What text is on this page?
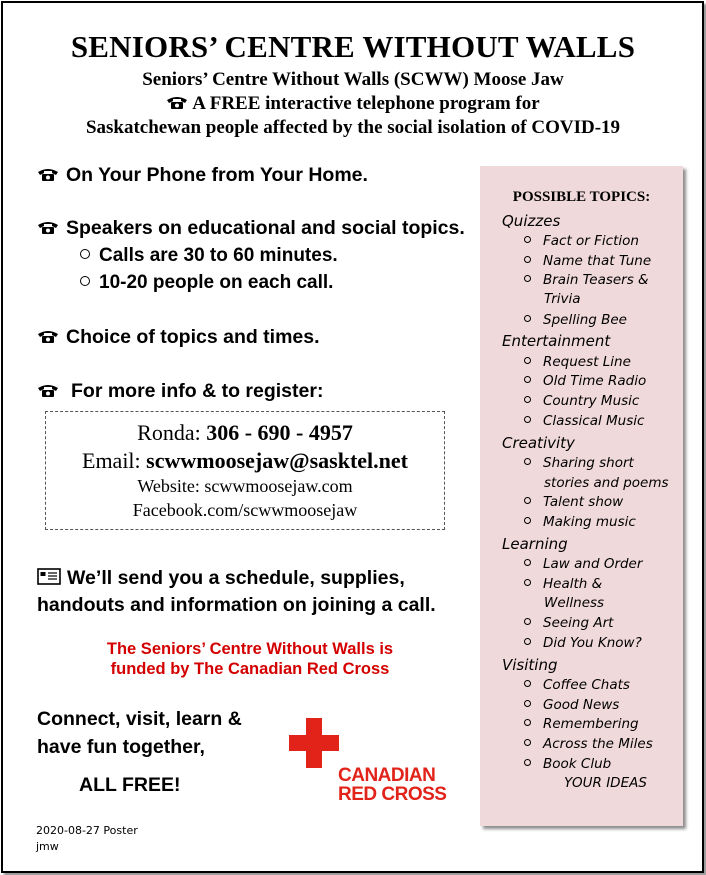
SENIORS’ CENTRE WITHOUT WALLS
Seniors’ Centre Without Walls (SCWW) Moose Jaw
A FREE interactive telephone program for
Saskatchewan people affected by the social isolation of COVID-19
On Your Phone from Your Home.
Speakers on educational and social topics.
Calls are 30 to 60 minutes.
10-20 people on each call.
Choice of topics and times.
For more info & to register:
Ronda: 306 - 690 - 4957
Email: scwwmoosejaw@sasktel.net
Website: scwwmoosejaw.com
Facebook.com/scwwmoosejaw
We’ll send you a schedule, supplies,
handouts and information on joining a call.
The Seniors’ Centre Without Walls is
funded by The Canadian Red Cross
Connect, visit, learn &
have fun together,
ALL FREE!	CANADIAN
RED CROSS
2020-08-27 Poster
jmw
POSSIBLE TOPICS:
Quizzes
Fact or Fiction
Name that Tune
Brain Teasers &
Trivia
Spelling Bee
Entertainment
Request Line
Old Time Radio
Country Music
Classical Music
Creativity
Sharing short
stories and poems
Talent show
Making music
Learning
Law and Order
Health &
Wellness
Seeing Art
Did You Know?
Visiting
Coffee Chats
Good News
Remembering
Across the Miles
Book Club
YOUR IDEAS
